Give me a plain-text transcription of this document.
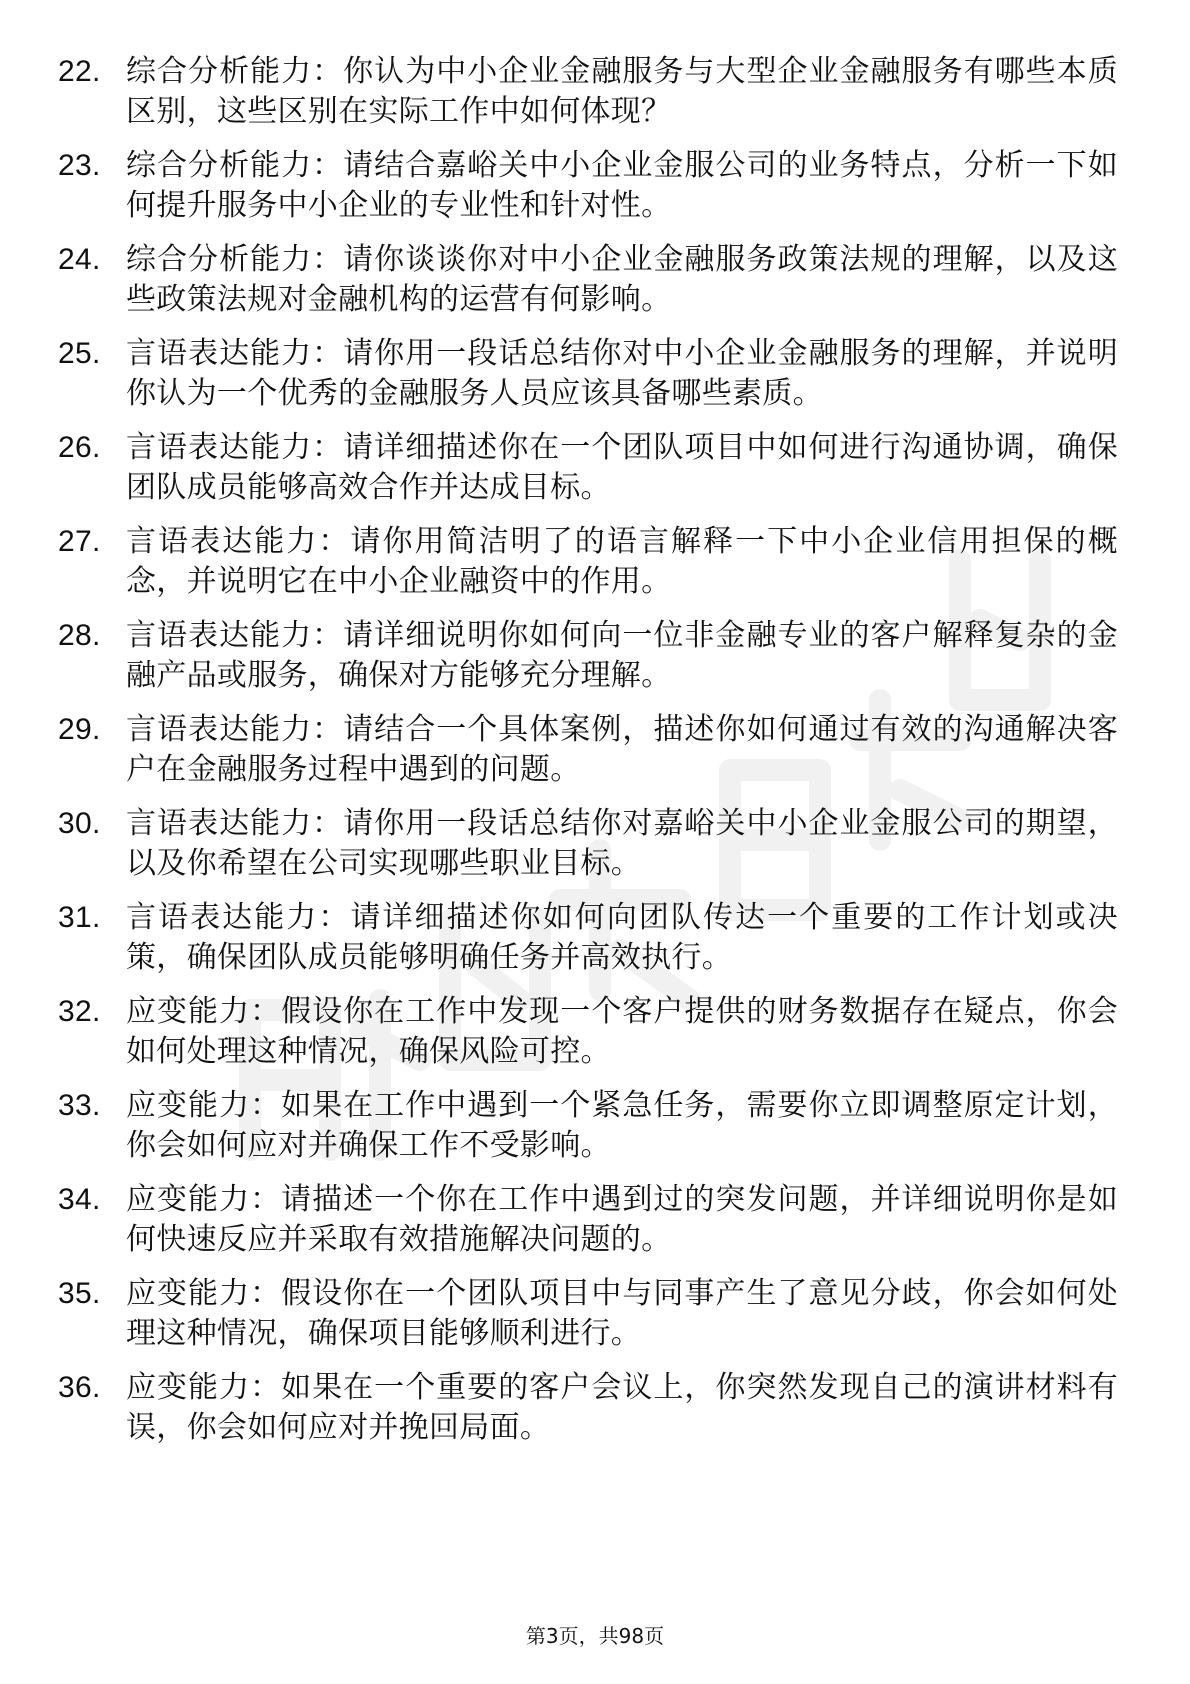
22. 综合分析能力：你认为中小企业金融服务与大型企业金融服务有哪些本质区别，这些区别在实际工作中如何体现？
23. 综合分析能力：请结合嘉峪关中小企业金服公司的业务特点，分析一下如何提升服务中小企业的专业性和针对性。
24. 综合分析能力：请你谈谈你对中小企业金融服务政策法规的理解，以及这些政策法规对金融机构的运营有何影响。
25. 言语表达能力：请你用一段话总结你对中小企业金融服务的理解，并说明你认为一个优秀的金融服务人员应该具备哪些素质。
26. 言语表达能力：请详细描述你在一个团队项目中如何进行沟通协调，确保团队成员能够高效合作并达成目标。
27. 言语表达能力：请你用简洁明了的语言解释一下中小企业信用担保的概念，并说明它在中小企业融资中的作用。
28. 言语表达能力：请详细说明你如何向一位非金融专业的客户解释复杂的金融产品或服务，确保对方能够充分理解。
29. 言语表达能力：请结合一个具体案例，描述你如何通过有效的沟通解决客户在金融服务过程中遇到的问题。
30. 言语表达能力：请你用一段话总结你对嘉峪关中小企业金服公司的期望，以及你希望在公司实现哪些职业目标。
31. 言语表达能力：请详细描述你如何向团队传达一个重要的工作计划或决策，确保团队成员能够明确任务并高效执行。
32. 应变能力：假设你在工作中发现一个客户提供的财务数据存在疑点，你会如何处理这种情况，确保风险可控。
33. 应变能力：如果在工作中遇到一个紧急任务，需要你立即调整原定计划，你会如何应对并确保工作不受影响。
34. 应变能力：请描述一个你在工作中遇到过的突发问题，并详细说明你是如何快速反应并采取有效措施解决问题的。
35. 应变能力：假设你在一个团队项目中与同事产生了意见分歧，你会如何处理这种情况，确保项目能够顺利进行。
36. 应变能力：如果在一个重要的客户会议上，你突然发现自己的演讲材料有误，你会如何应对并挽回局面。
第3页，共98页
